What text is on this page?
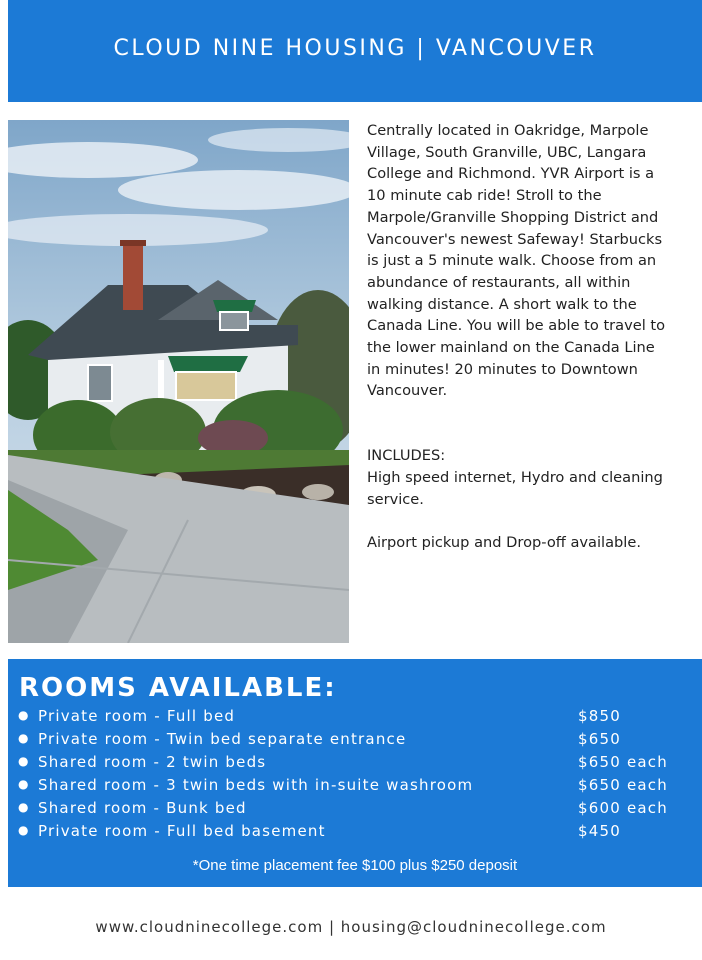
CLOUD NINE HOUSING | VANCOUVER

Centrally located in Oakridge, Marpole Village, South Granville, UBC, Langara College and Richmond. YVR Airport is a 10 minute cab ride! Stroll to the Marpole/Granville Shopping District and Vancouver's newest Safeway! Starbucks is just a 5 minute walk. Choose from an abundance of restaurants, all within walking distance. A short walk to the Canada Line. You will be able to travel to the lower mainland on the Canada Line in minutes! 20 minutes to Downtown Vancouver.

INCLUDES:

High speed internet, Hydro and cleaning service.

Airport pickup and Drop-off available.

ROOMS AVAILABLE:
● Private room - Full bed	$850
● Private room - Twin bed separate entrance	$650
● Shared room - 2 twin beds	$650 each
● Shared room - 3 twin beds with in-suite washroom	$650 each
● Shared room - Bunk bed	$600 each
● Private room - Full bed basement	$450
*One time placement fee $100 plus $250 deposit
www.cloudninecollege.com | housing@cloudninecollege.com
